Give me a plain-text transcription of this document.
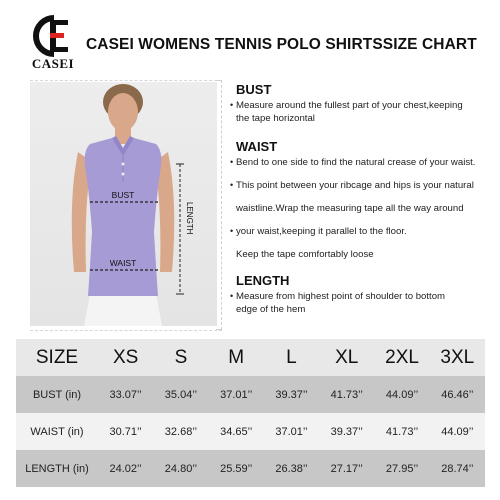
CASEI
CASEI WOMENS TENNIS POLO SHIRTSSIZE CHART
BUST
WAIST
LENGTH
BUST
• Measure around the fullest part of your chest,keeping
the tape horizontal
WAIST
• Bend to one side to find the natural crease of your waist.
• This point between your ribcage and hips is your natural
waistline.Wrap the measuring tape all the way around
• your waist,keeping it parallel to the floor.
Keep the tape comfortably loose
LENGTH
• Measure from highest point of shoulder to bottom
edge of the hem
SIZE	XS	S	M	L	XL	2XL	3XL
BUST (in)	33.07’’	35.04’’	37.01’’	39.37’’	41.73’’	44.09’’	46.46’’
WAIST (in)	30.71’’	32.68’’	34.65’’	37.01’’	39.37’’	41.73’’	44.09’’
LENGTH (in)	24.02’’	24.80’’	25.59’’	26.38’’	27.17’’	27.95’’	28.74’’
